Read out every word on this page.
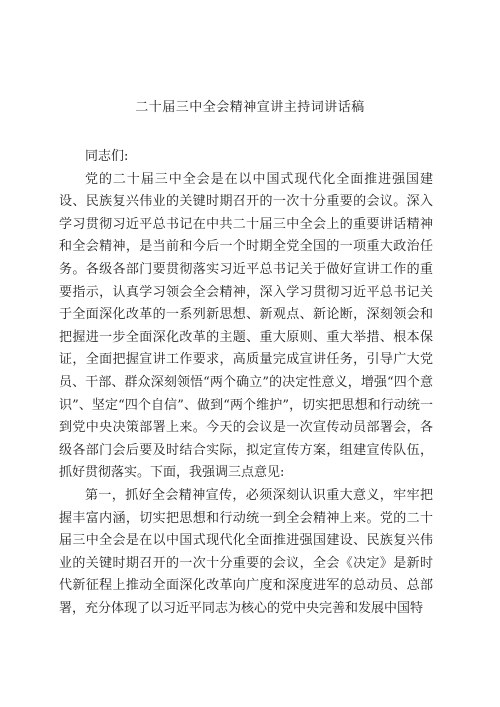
二十届三中全会精神宣讲主持词讲话稿

同志们:

党的二十届三中全会是在以中国式现代化全面推进强国建设、民族复兴伟业的关键时期召开的一次十分重要的会议。深入学习贯彻习近平总书记在中共二十届三中全会上的重要讲话精神和全会精神，是当前和今后一个时期全党全国的一项重大政治任务。各级各部门要贯彻落实习近平总书记关于做好宣讲工作的重要指示，认真学习领会全会精神，深入学习贯彻习近平总书记关于全面深化改革的一系列新思想、新观点、新论断，深刻领会和把握进一步全面深化改革的主题、重大原则、重大举措、根本保证，全面把握宣讲工作要求，高质量完成宣讲任务，引导广大党员、干部、群众深刻领悟“两个确立”的决定性意义，增强“四个意识”、坚定“四个自信”、做到“两个维护”，切实把思想和行动统一到党中央决策部署上来。今天的会议是一次宣传动员部署会，各级各部门会后要及时结合实际，拟定宣传方案，组建宣传队伍，抓好贯彻落实。下面，我强调三点意见:

第一，抓好全会精神宣传，必须深刻认识重大意义，牢牢把握丰富内涵，切实把思想和行动统一到全会精神上来。党的二十届三中全会是在以中国式现代化全面推进强国建设、民族复兴伟业的关键时期召开的一次十分重要的会议，全会《决定》是新时代新征程上推动全面深化改革向广度和深度进军的总动员、总部署，充分体现了以习近平同志为核心的党中央完善和发展中国特
